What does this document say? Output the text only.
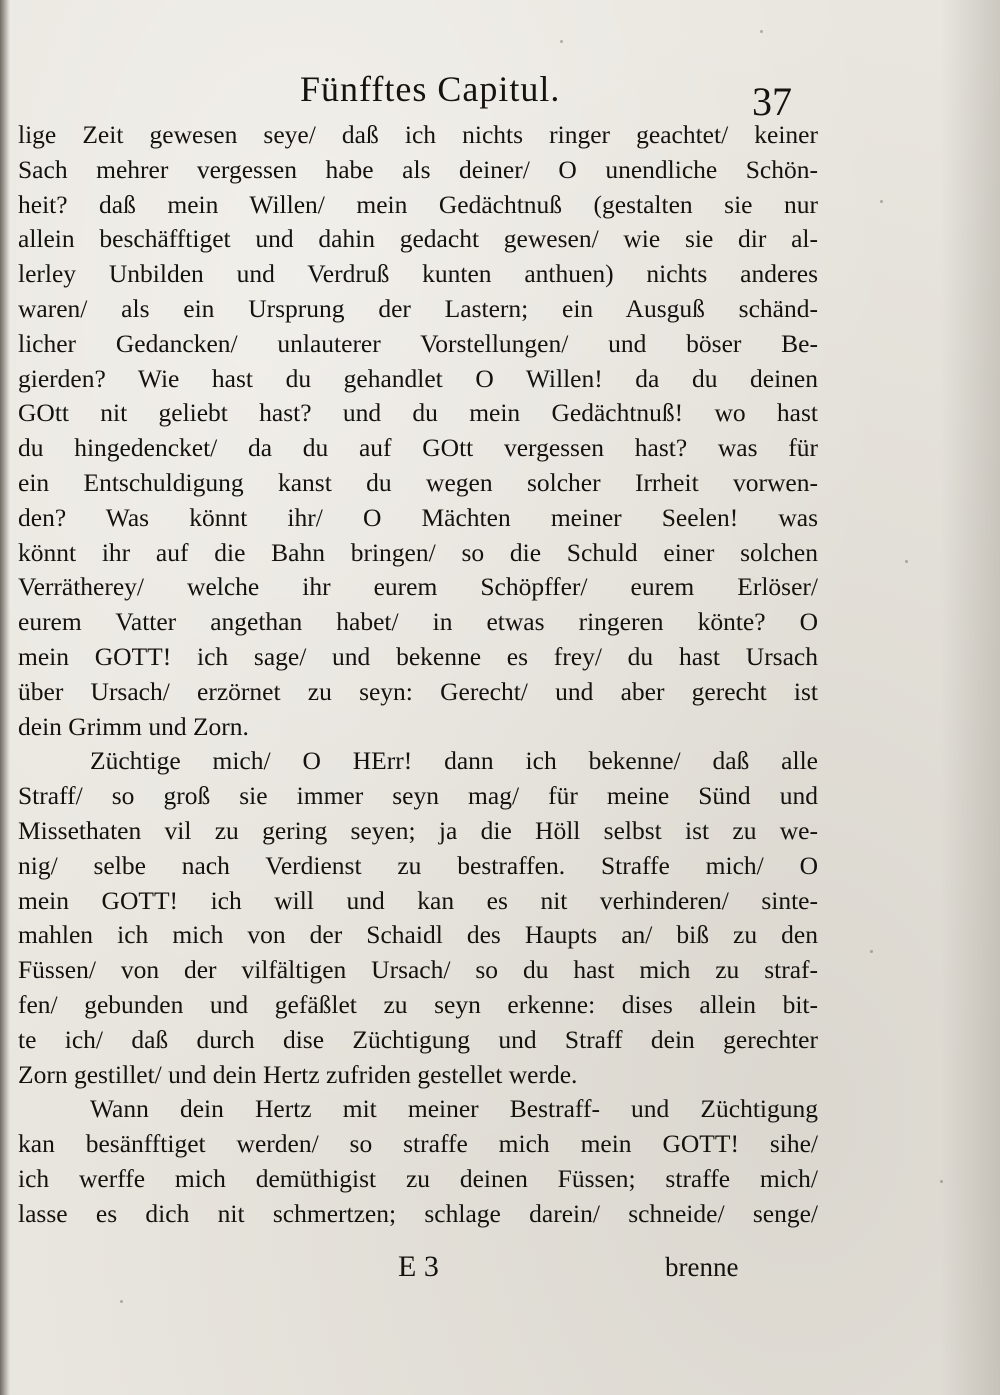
Fünfftes Capitul.	37
lige Zeit gewesen seye/ daß ich nichts ringer geachtet/ keiner
Sach mehrer vergessen habe als deiner/ O unendliche Schön-
heit? daß mein Willen/ mein Gedächtnuß (gestalten sie nur
allein beschäfftiget und dahin gedacht gewesen/ wie sie dir al-
lerley Unbilden und Verdruß kunten anthuen) nichts anderes
waren/ als ein Ursprung der Lastern; ein Ausguß schänd-
licher Gedancken/ unlauterer Vorstellungen/ und böser Be-
gierden? Wie hast du gehandlet O Willen! da du deinen
GOtt nit geliebt hast? und du mein Gedächtnuß! wo hast
du hingedencket/ da du auf GOtt vergessen hast? was für
ein Entschuldigung kanst du wegen solcher Irrheit vorwen-
den? Was könnt ihr/ O Mächten meiner Seelen! was
könnt ihr auf die Bahn bringen/ so die Schuld einer solchen
Verrätherey/ welche ihr eurem Schöpffer/ eurem Erlöser/
eurem Vatter angethan habet/ in etwas ringeren könte? O
mein GOTT! ich sage/ und bekenne es frey/ du hast Ursach
über Ursach/ erzörnet zu seyn: Gerecht/ und aber gerecht ist
dein Grimm und Zorn.
Züchtige mich/ O HErr! dann ich bekenne/ daß alle
Straff/ so groß sie immer seyn mag/ für meine Sünd und
Missethaten vil zu gering seyen; ja die Höll selbst ist zu we-
nig/ selbe nach Verdienst zu bestraffen. Straffe mich/ O
mein GOTT! ich will und kan es nit verhinderen/ sinte-
mahlen ich mich von der Schaidl des Haupts an/ biß zu den
Füssen/ von der vilfältigen Ursach/ so du hast mich zu straf-
fen/ gebunden und gefäßlet zu seyn erkenne: dises allein bit-
te ich/ daß durch dise Züchtigung und Straff dein gerechter
Zorn gestillet/ und dein Hertz zufriden gestellet werde.
Wann dein Hertz mit meiner Bestraff- und Züchtigung
kan besänfftiget werden/ so straffe mich mein GOTT! sihe/
ich werffe mich demüthigist zu deinen Füssen; straffe mich/
lasse es dich nit schmertzen; schlage darein/ schneide/ senge/
E 3	brenne
